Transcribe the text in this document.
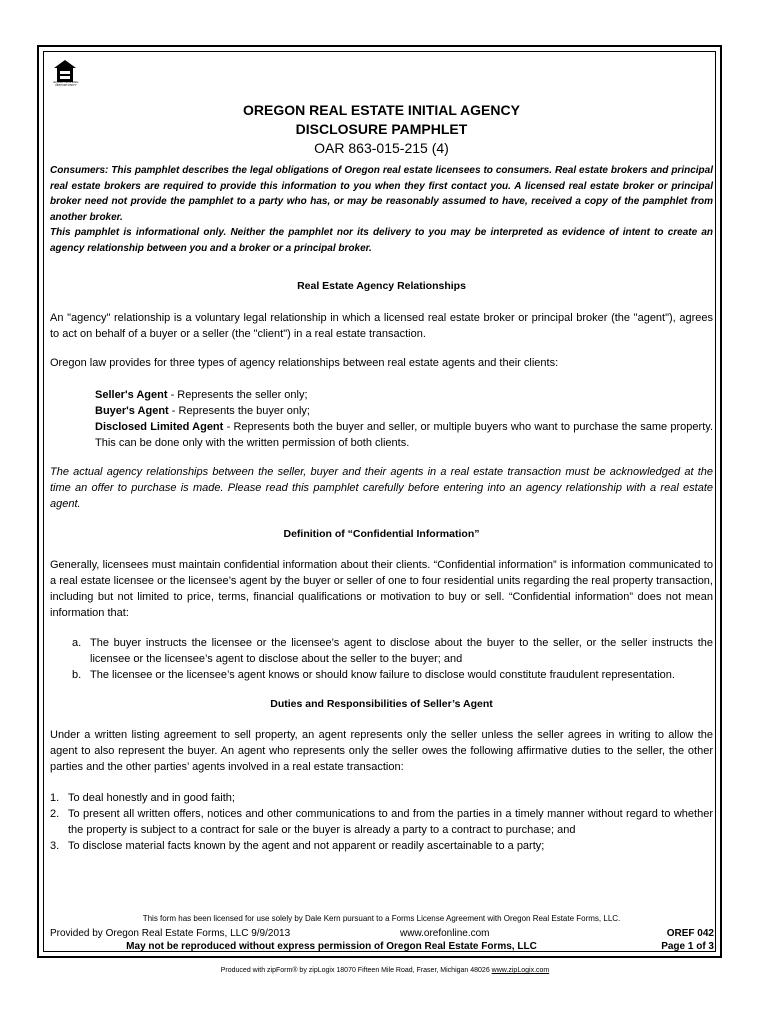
EQUAL HOUSING OPPORTUNITY
OREGON REAL ESTATE INITIAL AGENCY
DISCLOSURE PAMPHLET
OAR 863-015-215 (4)

Consumers: This pamphlet describes the legal obligations of Oregon real estate licensees to consumers. Real estate brokers and principal real estate brokers are required to provide this information to you when they first contact you. A licensed real estate broker or principal broker need not provide the pamphlet to a party who has, or may be reasonably assumed to have, received a copy of the pamphlet from another broker.

This pamphlet is informational only. Neither the pamphlet nor its delivery to you may be interpreted as evidence of intent to create an agency relationship between you and a broker or a principal broker.

Real Estate Agency Relationships

An "agency" relationship is a voluntary legal relationship in which a licensed real estate broker or principal broker (the "agent"), agrees to act on behalf of a buyer or a seller (the "client") in a real estate transaction.

Oregon law provides for three types of agency relationships between real estate agents and their clients:

Seller's Agent - Represents the seller only;
Buyer's Agent - Represents the buyer only;
Disclosed Limited Agent - Represents both the buyer and seller, or multiple buyers who want to purchase the same property. This can be done only with the written permission of both clients.

The actual agency relationships between the seller, buyer and their agents in a real estate transaction must be acknowledged at the time an offer to purchase is made. Please read this pamphlet carefully before entering into an agency relationship with a real estate agent.

Definition of “Confidential Information”

Generally, licensees must maintain confidential information about their clients. “Confidential information” is information communicated to a real estate licensee or the licensee’s agent by the buyer or seller of one to four residential units regarding the real property transaction, including but not limited to price, terms, financial qualifications or motivation to buy or sell. “Confidential information” does not mean information that:

a. The buyer instructs the licensee or the licensee’s agent to disclose about the buyer to the seller, or the seller instructs the licensee or the licensee’s agent to disclose about the seller to the buyer; and
b. The licensee or the licensee’s agent knows or should know failure to disclose would constitute fraudulent representation.
Duties and Responsibilities of Seller’s Agent

Under a written listing agreement to sell property, an agent represents only the seller unless the seller agrees in writing to allow the agent to also represent the buyer. An agent who represents only the seller owes the following affirmative duties to the seller, the other parties and the other parties’ agents involved in a real estate transaction:

1. To deal honestly and in good faith;
2. To present all written offers, notices and other communications to and from the parties in a timely manner without regard to whether the property is subject to a contract for sale or the buyer is already a party to a contract to purchase; and
3. To disclose material facts known by the agent and not apparent or readily ascertainable to a party;
This form has been licensed for use solely by Dale Kern pursuant to a Forms License Agreement with Oregon Real Estate Forms, LLC.
Provided by Oregon Real Estate Forms, LLC 9/9/2013	www.orefonline.com	OREF 042
May not be reproduced without express permission of Oregon Real Estate Forms, LLC	Page 1 of 3
Produced with zipForm® by zipLogix 18070 Fifteen Mile Road, Fraser, Michigan 48026 www.zipLogix.com
